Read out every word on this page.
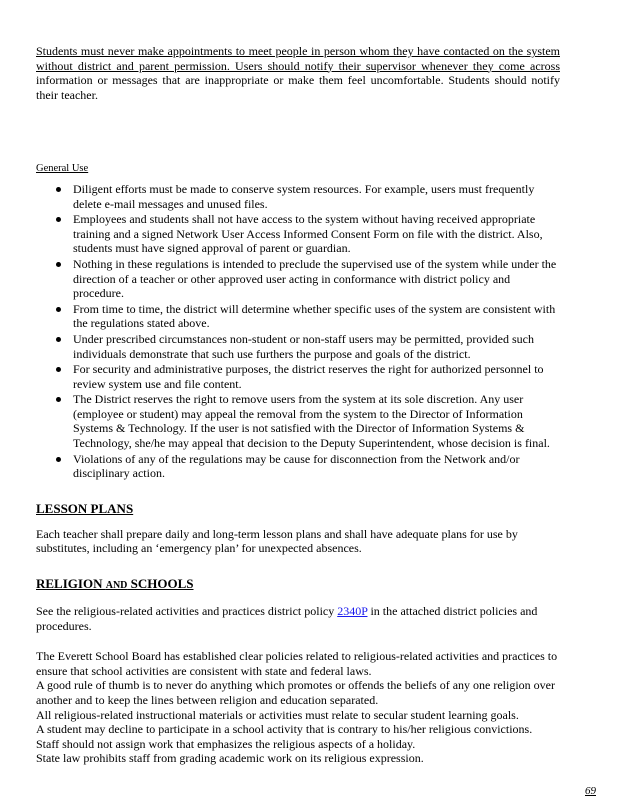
Students must never make appointments to meet people in person whom they have contacted on the system without district and parent permission. Users should notify their supervisor whenever they come across information or messages that are inappropriate or make them feel uncomfortable. Students should notify their teacher.

General Use

Diligent efforts must be made to conserve system resources. For example, users must frequently delete e-mail messages and unused files.
Employees and students shall not have access to the system without having received appropriate training and a signed Network User Access Informed Consent Form on file with the district. Also, students must have signed approval of parent or guardian.
Nothing in these regulations is intended to preclude the supervised use of the system while under the direction of a teacher or other approved user acting in conformance with district policy and procedure.
From time to time, the district will determine whether specific uses of the system are consistent with the regulations stated above.
Under prescribed circumstances non-student or non-staff users may be permitted, provided such individuals demonstrate that such use furthers the purpose and goals of the district.
For security and administrative purposes, the district reserves the right for authorized personnel to review system use and file content.
The District reserves the right to remove users from the system at its sole discretion. Any user (employee or student) may appeal the removal from the system to the Director of Information Systems & Technology. If the user is not satisfied with the Director of Information Systems & Technology, she/he may appeal that decision to the Deputy Superintendent, whose decision is final.
Violations of any of the regulations may be cause for disconnection from the Network and/or disciplinary action.
LESSON PLANS

Each teacher shall prepare daily and long-term lesson plans and shall have adequate plans for use by substitutes, including an ‘emergency plan’ for unexpected absences.

RELIGION AND SCHOOLS

See the religious-related activities and practices district policy 2340P in the attached district policies and procedures.

The Everett School Board has established clear policies related to religious-related activities and practices to ensure that school activities are consistent with state and federal laws.

A good rule of thumb is to never do anything which promotes or offends the beliefs of any one religion over another and to keep the lines between religion and education separated.

All religious-related instructional materials or activities must relate to secular student learning goals.

A student may decline to participate in a school activity that is contrary to his/her religious convictions.

Staff should not assign work that emphasizes the religious aspects of a holiday.

State law prohibits staff from grading academic work on its religious expression.

69
